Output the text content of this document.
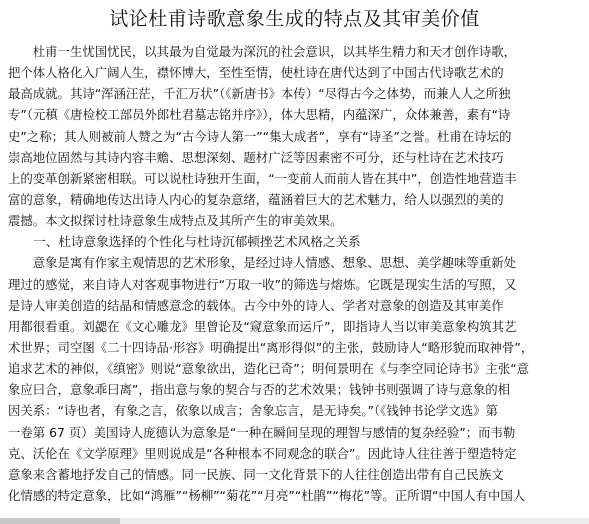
试论杜甫诗歌意象生成的特点及其审美价值
　　杜甫一生忧国忧民，以其最为自觉最为深沉的社会意识，以其毕生精力和天才创作诗歌，
把个体人格化入广阔人生，襟怀博大，至性至情，使杜诗在唐代达到了中国古代诗歌艺术的
最高成就。其诗“浑涵汪茫，千汇万状”（《新唐书》本传）“尽得古今之体势，而兼人人之所独
专”（元稹《唐检校工部员外郎杜君墓志铭并序》），体大思精，内蕴深广，众体兼善，素有“诗
史”之称；其人则被前人赞之为“古今诗人第一”“集大成者”，享有“诗圣”之誉。杜甫在诗坛的
崇高地位固然与其诗内容丰赡、思想深刻、题材广泛等因素密不可分，还与杜诗在艺术技巧
上的变革创新紧密相联。可以说杜诗独开生面，“一变前人而前人皆在其中”，创造性地营造丰
富的意象，精确地传达出诗人内心的复杂意绪，蕴涵着巨大的艺术魅力，给人以强烈的美的
震撼。本文拟探讨杜诗意象生成特点及其所产生的审美效果。
　　一、杜诗意象选择的个性化与杜诗沉郁顿挫艺术风格之关系
　　意象是寓有作家主观情思的艺术形象，是经过诗人情感、想象、思想、美学趣味等重新处
理过的感觉，来自诗人对客观事物进行“万取一收”的筛选与熔炼。它既是现实生活的写照，又
是诗人审美创造的结晶和情感意念的载体。古今中外的诗人、学者对意象的创造及其审美作
用都很看重。刘勰在《文心雕龙》里曾论及“窥意象而运斤”，即指诗人当以审美意象构筑其艺
术世界；司空图《二十四诗品·形容》明确提出“离形得似”的主张，鼓励诗人“略形貌而取神骨”，
追求艺术的神似，《缜密》则说“意象欲出，造化已奇”；明何景明在《与李空同论诗书》主张“意
象应曰合，意象乖曰离”，指出意与象的契合与否的艺术效果；钱钟书则强调了诗与意象的相
因关系：“诗也者，有象之言，依象以成言；舍象忘言，是无诗矣。”（《钱钟书论学文选》第
一卷第 67 页）美国诗人庞德认为意象是“一种在瞬间呈现的理智与感情的复杂经验”；而韦勒
克、沃伦在《文学原理》里则说成是“各种根本不同观念的联合”。因此诗人往往善于塑造特定
意象来含蓄地抒发自己的情感。同一民族、同一文化背景下的人往往创造出带有自己民族文
化情感的特定意象，比如“鸿雁”“杨柳”“菊花”“月亮”“杜鹃”“梅花”等。正所谓“中国人有中国人
